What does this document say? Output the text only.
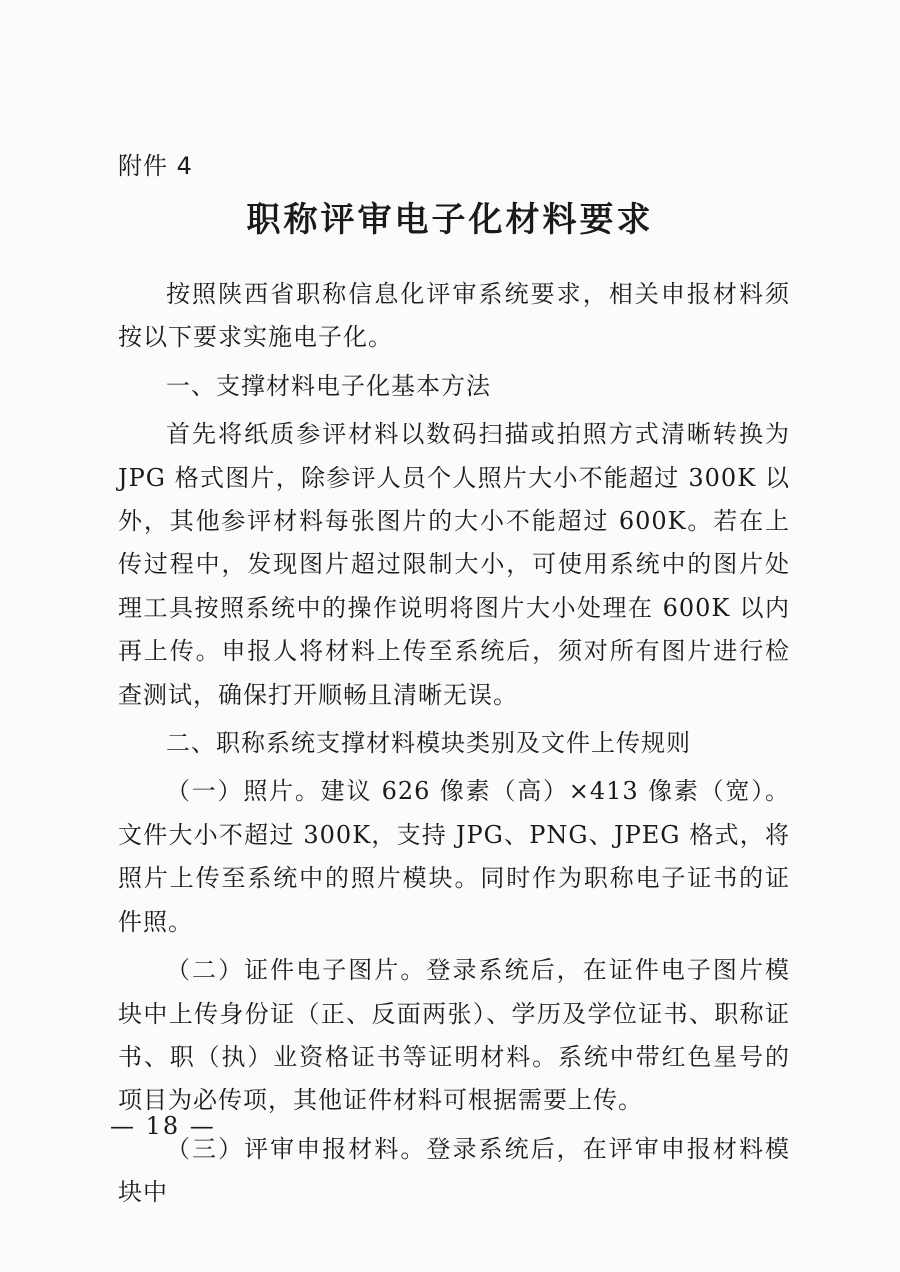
附件 4
职称评审电子化材料要求

按照陕西省职称信息化评审系统要求，相关申报材料须按以下要求实施电子化。

一、支撑材料电子化基本方法

首先将纸质参评材料以数码扫描或拍照方式清晰转换为JPG 格式图片，除参评人员个人照片大小不能超过 300K 以外，其他参评材料每张图片的大小不能超过 600K。若在上传过程中，发现图片超过限制大小，可使用系统中的图片处理工具按照系统中的操作说明将图片大小处理在 600K 以内再上传。申报人将材料上传至系统后，须对所有图片进行检查测试，确保打开顺畅且清晰无误。

二、职称系统支撑材料模块类别及文件上传规则

（一）照片。建议 626 像素（高）×413 像素（宽）。文件大小不超过 300K，支持 JPG、PNG、JPEG 格式，将照片上传至系统中的照片模块。同时作为职称电子证书的证件照。

（二）证件电子图片。登录系统后，在证件电子图片模块中上传身份证（正、反面两张）、学历及学位证书、职称证书、职（执）业资格证书等证明材料。系统中带红色星号的项目为必传项，其他证件材料可根据需要上传。

（三）评审申报材料。登录系统后，在评审申报材料模块中

— 18 —
